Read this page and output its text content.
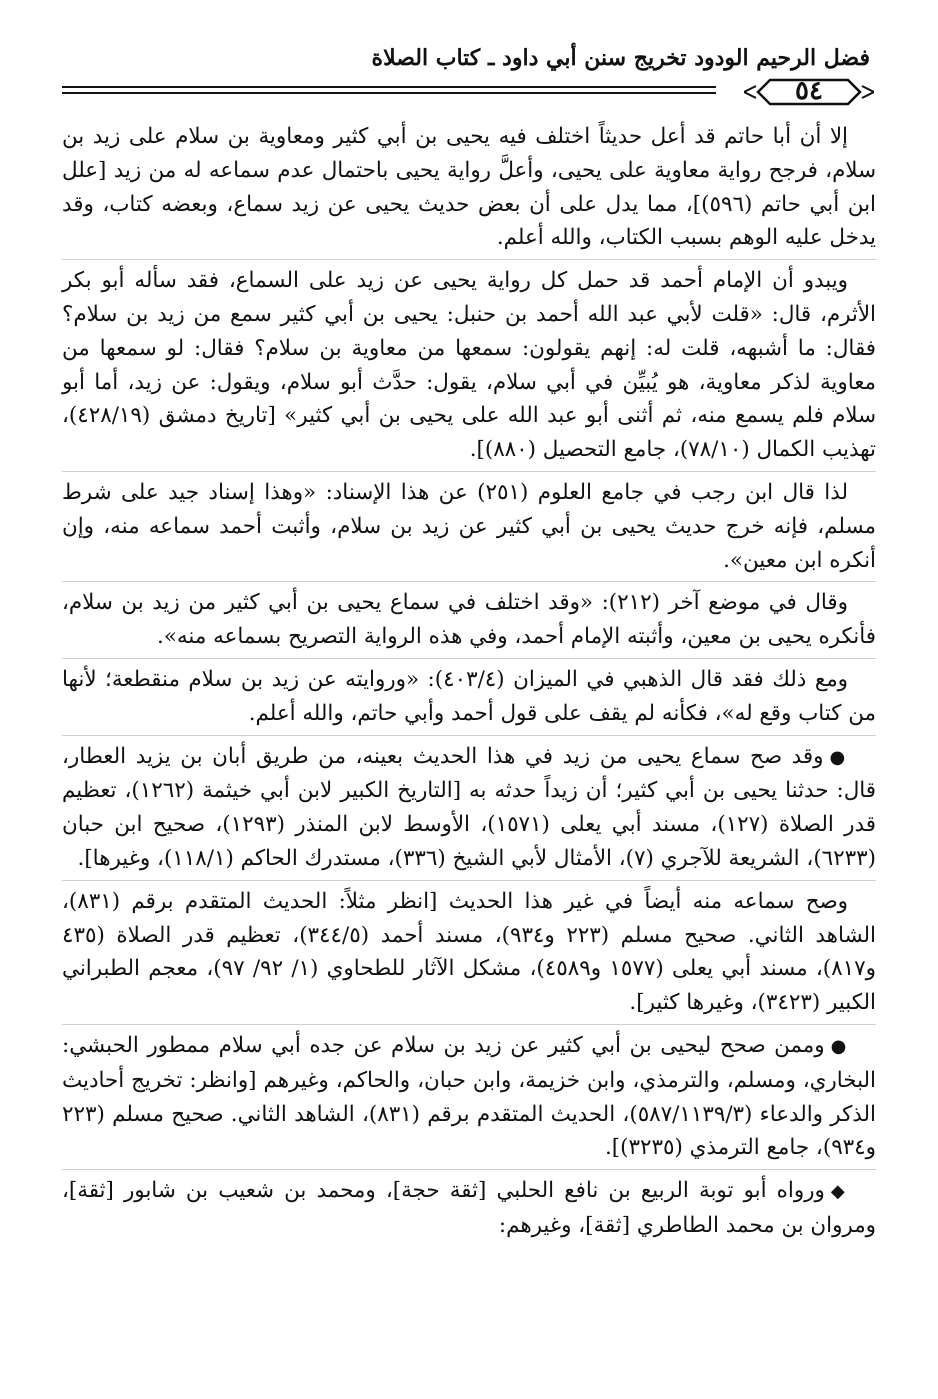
فضل الرحيم الودود تخريج سنن أبي داود ـ كتاب الصلاة
٥٤

إلا أن أبا حاتم قد أعل حديثاً اختلف فيه يحيى بن أبي كثير ومعاوية بن سلام على زيد بن سلام، فرجح رواية معاوية على يحيى، وأعلَّ رواية يحيى باحتمال عدم سماعه له من زيد [علل ابن أبي حاتم (٥٩٦)]، مما يدل على أن بعض حديث يحيى عن زيد سماع، وبعضه كتاب، وقد يدخل عليه الوهم بسبب الكتاب، والله أعلم.

ويبدو أن الإمام أحمد قد حمل كل رواية يحيى عن زيد على السماع، فقد سأله أبو بكر الأثرم، قال: «قلت لأبي عبد الله أحمد بن حنبل: يحيى بن أبي كثير سمع من زيد بن سلام؟ فقال: ما أشبهه، قلت له: إنهم يقولون: سمعها من معاوية بن سلام؟ فقال: لو سمعها من معاوية لذكر معاوية، هو يُبيِّن في أبي سلام، يقول: حدَّث أبو سلام، ويقول: عن زيد، أما أبو سلام فلم يسمع منه، ثم أثنى أبو عبد الله على يحيى بن أبي كثير» [تاريخ دمشق (٤٢٨/١٩)، تهذيب الكمال (٧٨/١٠)، جامع التحصيل (٨٨٠)].

لذا قال ابن رجب في جامع العلوم (٢٥١) عن هذا الإسناد: «وهذا إسناد جيد على شرط مسلم، فإنه خرج حديث يحيى بن أبي كثير عن زيد بن سلام، وأثبت أحمد سماعه منه، وإن أنكره ابن معين».

وقال في موضع آخر (٢١٢): «وقد اختلف في سماع يحيى بن أبي كثير من زيد بن سلام، فأنكره يحيى بن معين، وأثبته الإمام أحمد، وفي هذه الرواية التصريح بسماعه منه».

ومع ذلك فقد قال الذهبي في الميزان (٤٠٣/٤): «وروايته عن زيد بن سلام منقطعة؛ لأنها من كتاب وقع له»، فكأنه لم يقف على قول أحمد وأبي حاتم، والله أعلم.

●وقد صح سماع يحيى من زيد في هذا الحديث بعينه، من طريق أبان بن يزيد العطار، قال: حدثنا يحيى بن أبي كثير؛ أن زيداً حدثه به [التاريخ الكبير لابن أبي خيثمة (١٢٦٢)، تعظيم قدر الصلاة (١٢٧)، مسند أبي يعلى (١٥٧١)، الأوسط لابن المنذر (١٢٩٣)، صحيح ابن حبان (٦٢٣٣)، الشريعة للآجري (٧)، الأمثال لأبي الشيخ (٣٣٦)، مستدرك الحاكم (١١٨/١)، وغيرها].

وصح سماعه منه أيضاً في غير هذا الحديث [انظر مثلاً: الحديث المتقدم برقم (٨٣١)، الشاهد الثاني. صحيح مسلم (٢٢٣ و٩٣٤)، مسند أحمد (٣٤٤/٥)، تعظيم قدر الصلاة (٤٣٥ و٨١٧)، مسند أبي يعلى (١٥٧٧ و٤٥٨٩)، مشكل الآثار للطحاوي (١/ ٩٢/ ٩٧)، معجم الطبراني الكبير (٣٤٢٣)، وغيرها كثير].

●وممن صحح ليحيى بن أبي كثير عن زيد بن سلام عن جده أبي سلام ممطور الحبشي: البخاري، ومسلم، والترمذي، وابن خزيمة، وابن حبان، والحاكم، وغيرهم [وانظر: تخريج أحاديث الذكر والدعاء (٥٨٧/١١٣٩/٣)، الحديث المتقدم برقم (٨٣١)، الشاهد الثاني. صحيح مسلم (٢٢٣ و٩٣٤)، جامع الترمذي (٣٢٣٥)].

◆ورواه أبو توبة الربيع بن نافع الحلبي [ثقة حجة]، ومحمد بن شعيب بن شابور [ثقة]، ومروان بن محمد الطاطري [ثقة]، وغيرهم:
